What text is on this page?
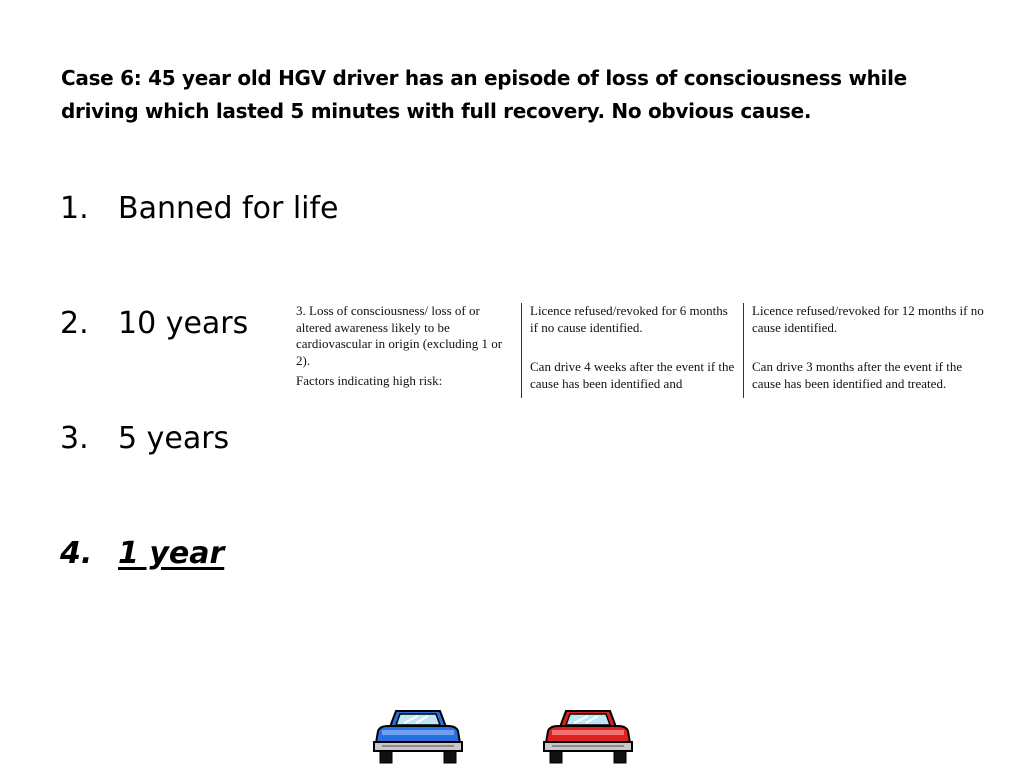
Case 6: 45 year old HGV driver has an episode of loss of consciousness while driving which lasted 5 minutes with full recovery. No obvious cause.
1. Banned for life
2. 10 years
3. 5 years
4. 1 year

3. Loss of consciousness/ loss of or altered awareness likely to be cardiovascular in origin (excluding 1 or 2).

Factors indicating high risk:

Licence refused/revoked for 6 months if no cause identified.

Can drive 4 weeks after the event if the cause has been identified and

Licence refused/revoked for 12 months if no cause identified.

Can drive 3 months after the event if the cause has been identified and treated.
